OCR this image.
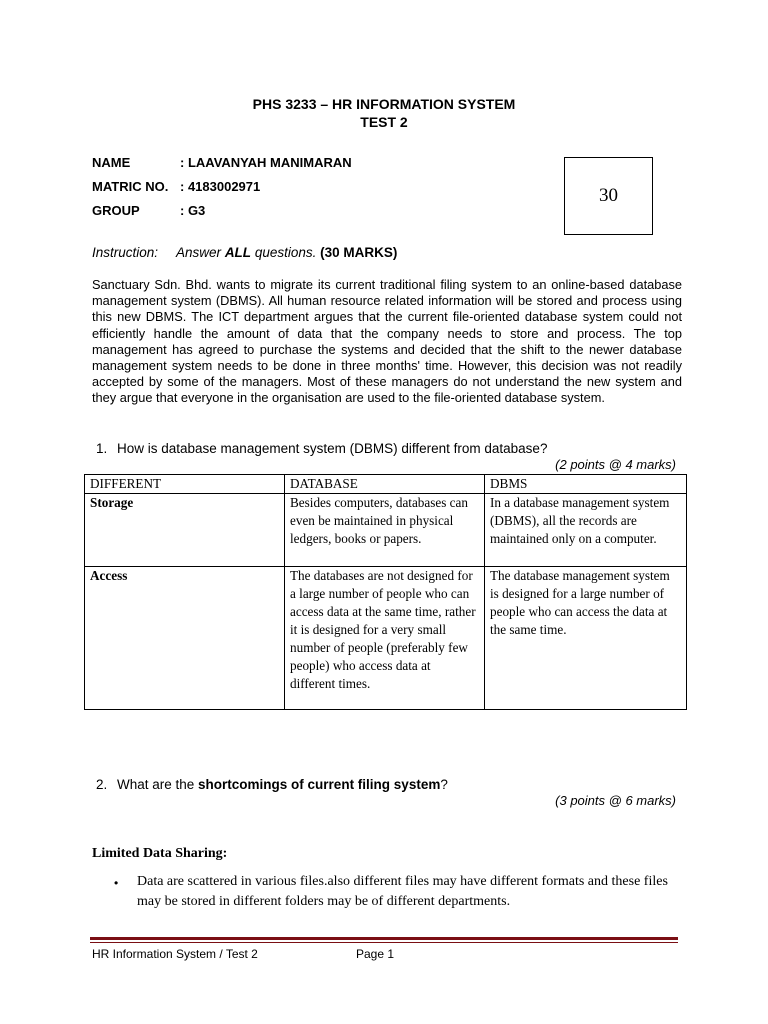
PHS 3233 – HR INFORMATION SYSTEM
TEST 2
NAME	: LAAVANYAH MANIMARAN
MATRIC NO. : 4183002971
GROUP	: G3
30
Instruction: Answer ALL questions. (30 MARKS)
Sanctuary Sdn. Bhd. wants to migrate its current traditional filing system to an online-based database management system (DBMS). All human resource related information will be stored and process using this new DBMS. The ICT department argues that the current file-oriented database system could not efficiently handle the amount of data that the company needs to store and process. The top management has agreed to purchase the systems and decided that the shift to the newer database management system needs to be done in three months' time. However, this decision was not readily accepted by some of the managers. Most of these managers do not understand the new system and they argue that everyone in the organisation are used to the file-oriented database system.
1. How is database management system (DBMS) different from database?
(2 points @ 4 marks)
DIFFERENT	DATABASE	DBMS
Storage	Besides computers, databases can even be maintained in physical ledgers, books or papers.	In a database management system (DBMS), all the records are maintained only on a computer.
Access	The databases are not designed for a large number of people who can access data at the same time, rather it is designed for a very small number of people (preferably few people) who access data at different times.	The database management system is designed for a large number of people who can access the data at the same time.
2. What are the shortcomings of current filing system?
(3 points @ 6 marks)
Limited Data Sharing:
• Data are scattered in various files.also different files may have different formats and these files may be stored in different folders may be of different departments.
HR Information System / Test 2	Page 1
